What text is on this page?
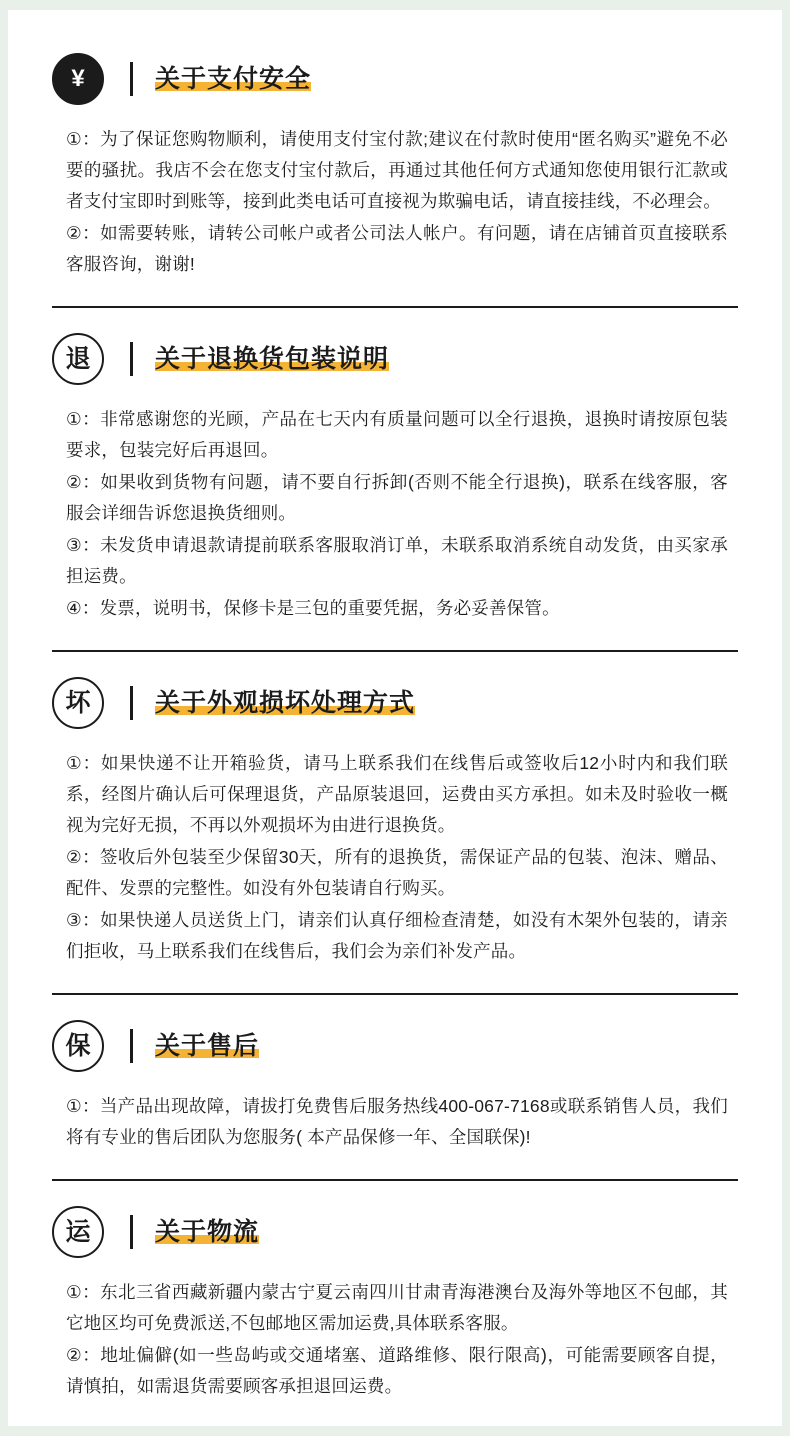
¥	关于支付安全

①：为了保证您购物顺利，请使用支付宝付款;建议在付款时使用“匿名购买”避免不必要的骚扰。我店不会在您支付宝付款后，再通过其他任何方式通知您使用银行汇款或者支付宝即时到账等，接到此类电话可直接视为欺骗电话，请直接挂线，不必理会。

②：如需要转账，请转公司帐户或者公司法人帐户。有问题，请在店铺首页直接联系客服咨询，谢谢!

退	关于退换货包装说明

①：非常感谢您的光顾，产品在七天内有质量问题可以全行退换，退换时请按原包装要求，包装完好后再退回。

②：如果收到货物有问题，请不要自行拆卸(否则不能全行退换)，联系在线客服，客服会详细告诉您退换货细则。

③：未发货申请退款请提前联系客服取消订单，未联系取消系统自动发货，由买家承担运费。

④：发票，说明书，保修卡是三包的重要凭据，务必妥善保管。

坏	关于外观损坏处理方式

①：如果快递不让开箱验货，请马上联系我们在线售后或签收后12小时内和我们联系，经图片确认后可保理退货，产品原装退回，运费由买方承担。如未及时验收一概视为完好无损，不再以外观损坏为由进行退换货。

②：签收后外包装至少保留30天，所有的退换货，需保证产品的包装、泡沫、赠品、配件、发票的完整性。如没有外包装请自行购买。

③：如果快递人员送货上门，请亲们认真仔细检查清楚，如没有木架外包装的，请亲们拒收，马上联系我们在线售后，我们会为亲们补发产品。

保	关于售后

①：当产品出现故障，请拔打免费售后服务热线400-067-7168或联系销售人员，我们将有专业的售后团队为您服务( 本产品保修一年、全国联保)!

运	关于物流

①：东北三省西藏新疆内蒙古宁夏云南四川甘肃青海港澳台及海外等地区不包邮，其它地区均可免费派送,不包邮地区需加运费,具体联系客服。

②：地址偏僻(如一些岛屿或交通堵塞、道路维修、限行限高)，可能需要顾客自提，请慎拍，如需退货需要顾客承担退回运费。
